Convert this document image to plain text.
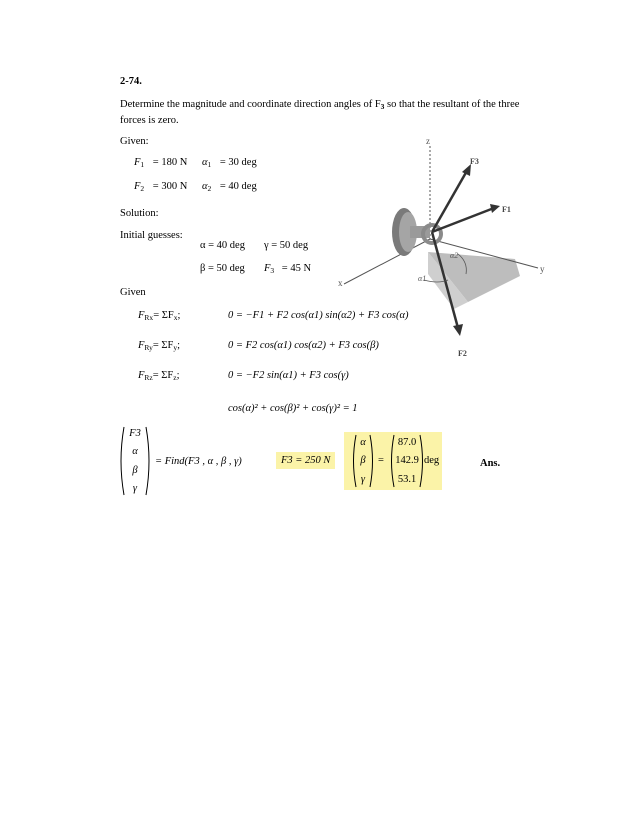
2-74.
Determine the magnitude and coordinate direction angles of $F_3$ so that the resultant of the three
forces is zero.
Given:
$F_1 = 180$ N $\alpha_1 = 30$ deg
$F_2 = 300$ N $\alpha_2 = 40$ deg
Solution:
Initial guesses:
α = 40 deg γ = 50 deg
β = 50 deg $F_3 = 45$ N
Given
$F_{Rx}= \Sigma F_x$;	0 = −F1 + F2 cos(α1) sin(α2) + F3 cos(α)
$F_{Ry}= \Sigma F_y$;	0 = F2 cos(α1) cos(α2) + F3 cos(β)
$F_{Rz}= \Sigma F_z$;	0 = −F2 sin(α1) + F3 cos(γ)
cos(α)² + cos(β)² + cos(γ)² = 1
F3
α
β
γ
= Find(F3 , α , β , γ)	F3 = 250 N
α
β
γ
=
87.0
142.9
53.1
deg	Ans.
z
y
x
F3
F1
F2
α1
α2
